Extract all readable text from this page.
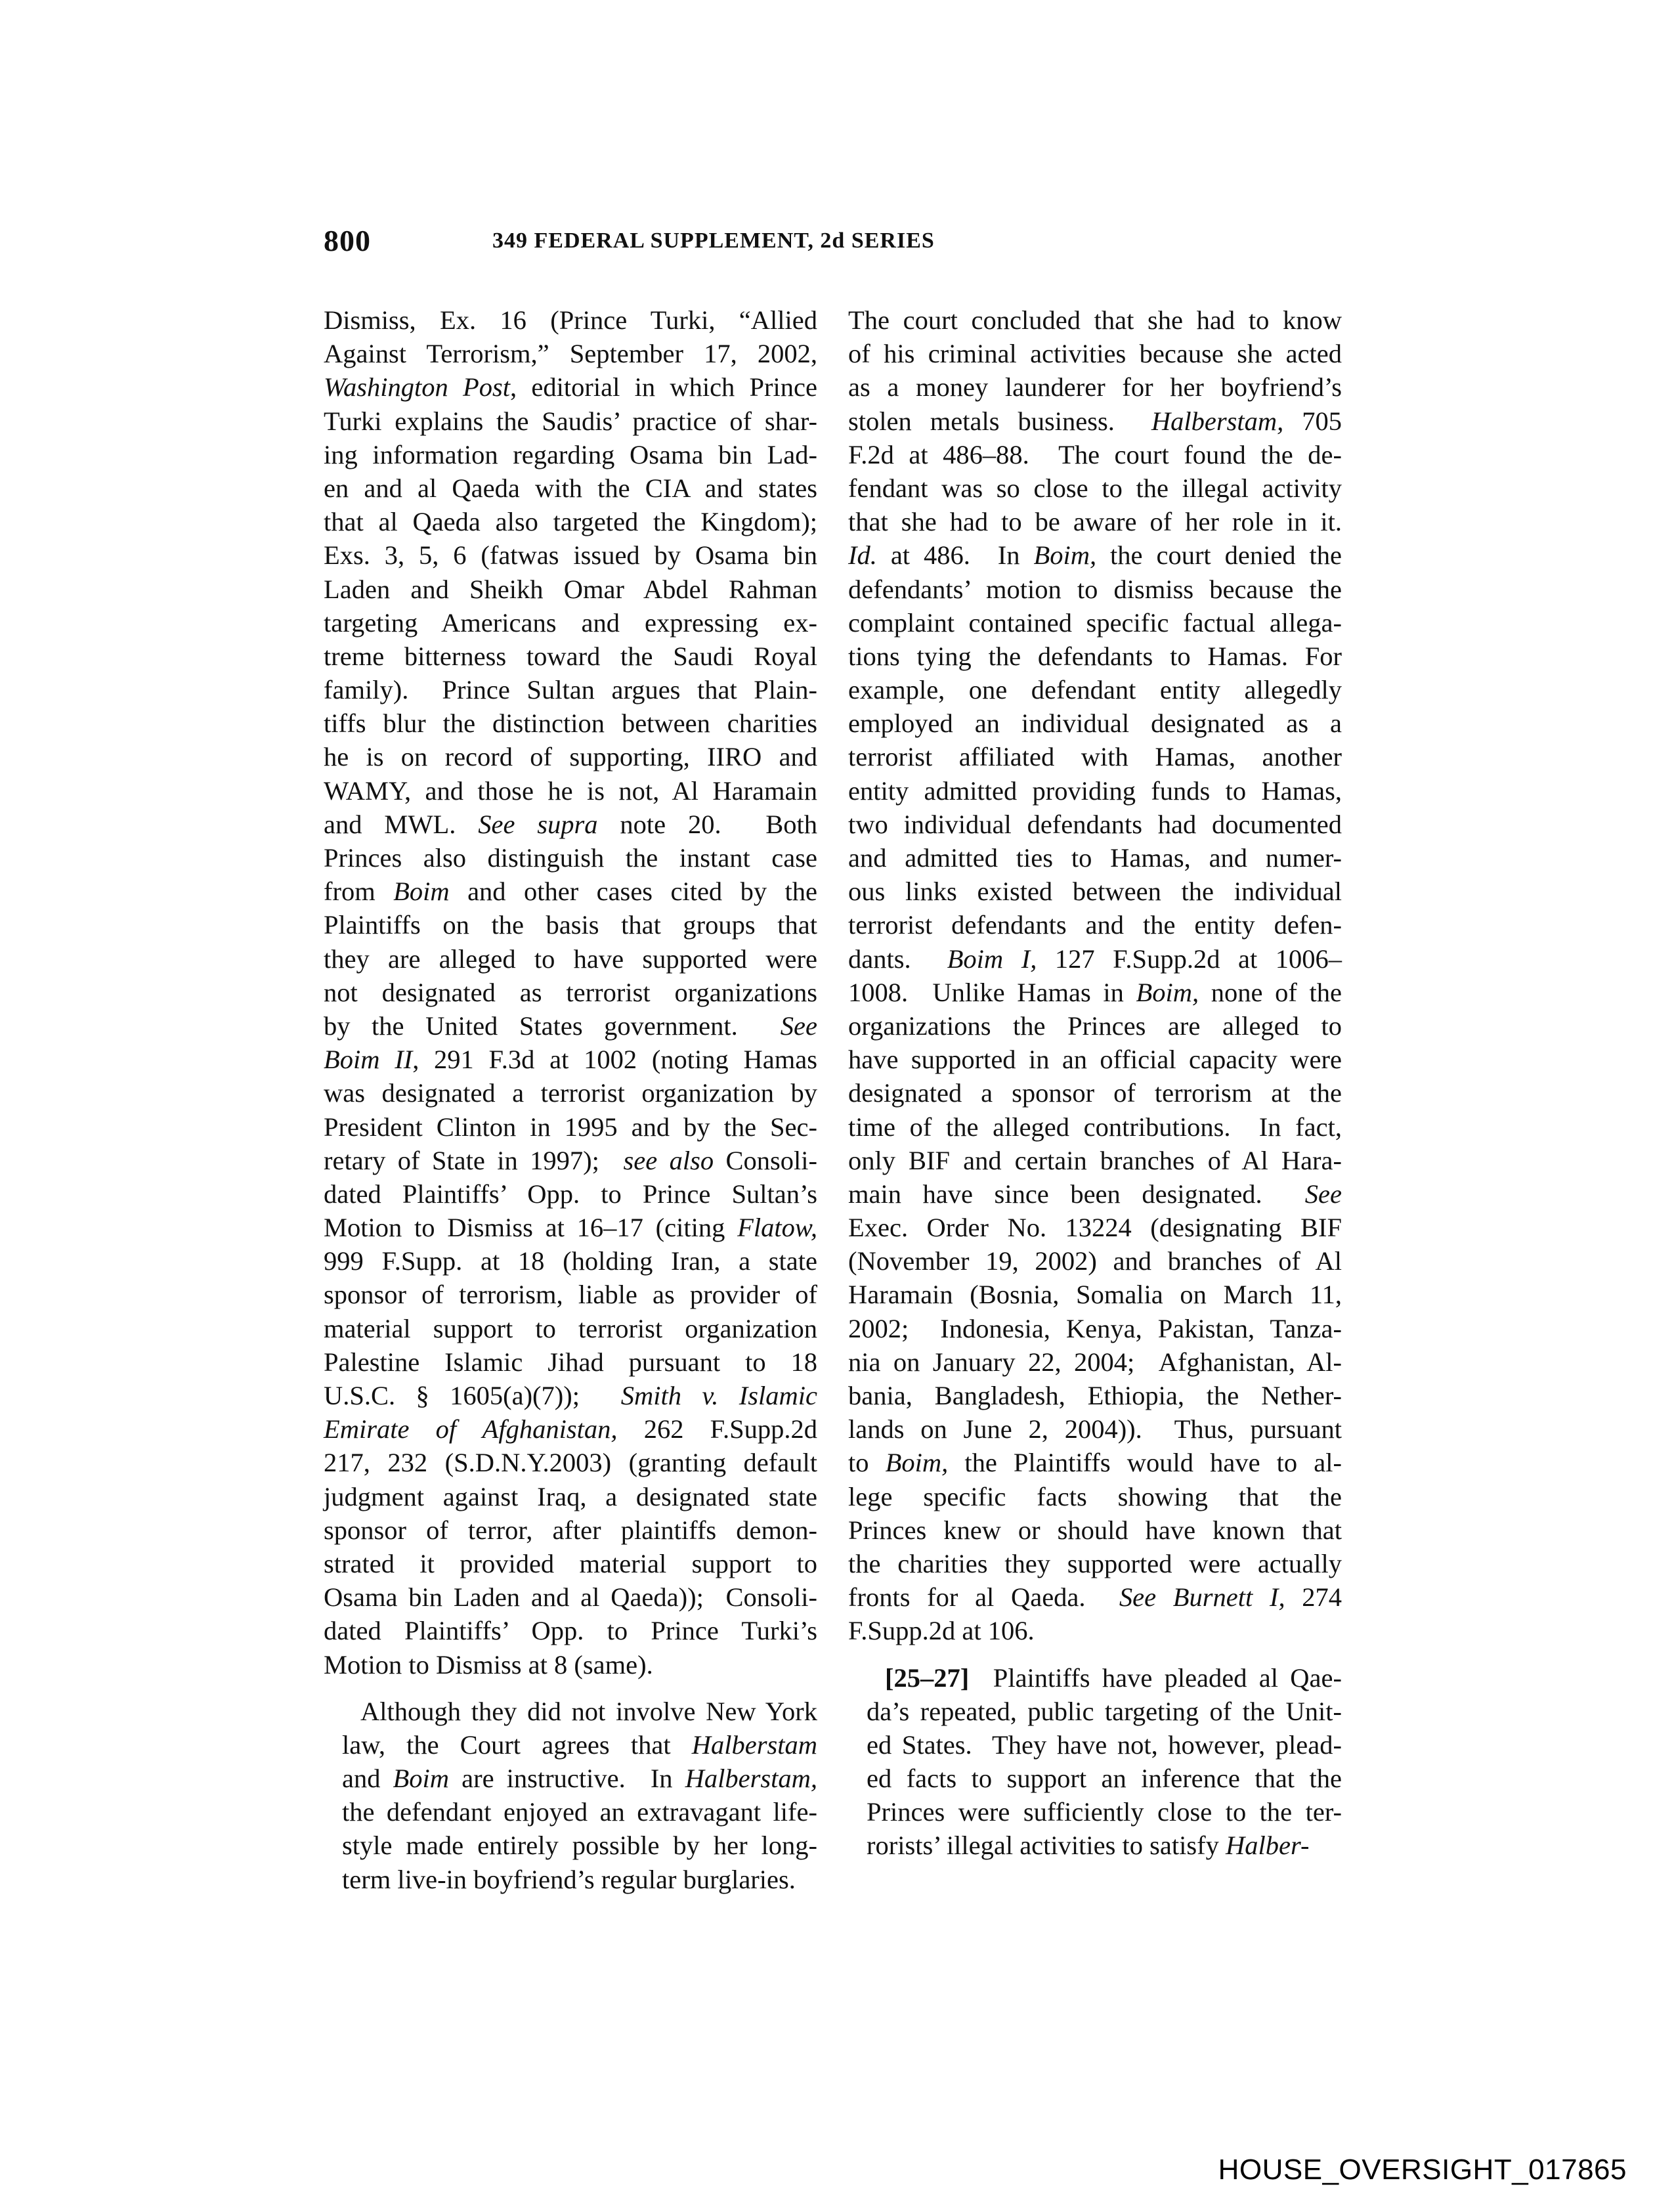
800	349 FEDERAL SUPPLEMENT, 2d SERIES
Dismiss, Ex. 16 (Prince Turki, “Allied
Against Terrorism,” September 17, 2002,
Washington Post, editorial in which Prince
Turki explains the Saudis’ practice of shar-
ing information regarding Osama bin Lad-
en and al Qaeda with the CIA and states
that al Qaeda also targeted the Kingdom);
Exs. 3, 5, 6 (fatwas issued by Osama bin
Laden and Sheikh Omar Abdel Rahman
targeting Americans and expressing ex-
treme bitterness toward the Saudi Royal
family).  Prince Sultan argues that Plain-
tiffs blur the distinction between charities
he is on record of supporting, IIRO and
WAMY, and those he is not, Al Haramain
and MWL. See supra note 20.  Both
Princes also distinguish the instant case
from Boim and other cases cited by the
Plaintiffs on the basis that groups that
they are alleged to have supported were
not designated as terrorist organizations
by the United States government.  See
Boim II, 291 F.3d at 1002 (noting Hamas
was designated a terrorist organization by
President Clinton in 1995 and by the Sec-
retary of State in 1997);  see also Consoli-
dated Plaintiffs’ Opp. to Prince Sultan’s
Motion to Dismiss at 16–17 (citing Flatow,
999 F.Supp. at 18 (holding Iran, a state
sponsor of terrorism, liable as provider of
material support to terrorist organization
Palestine Islamic Jihad pursuant to 18
U.S.C. § 1605(a)(7));  Smith v. Islamic
Emirate of Afghanistan, 262 F.Supp.2d
217, 232 (S.D.N.Y.2003) (granting default
judgment against Iraq, a designated state
sponsor of terror, after plaintiffs demon-
strated it provided material support to
Osama bin Laden and al Qaeda));  Consoli-
dated Plaintiffs’ Opp. to Prince Turki’s
Motion to Dismiss at 8 (same).
Although they did not involve New York
law, the Court agrees that Halberstam
and Boim are instructive.  In Halberstam,
the defendant enjoyed an extravagant life-
style made entirely possible by her long-
term live-in boyfriend’s regular burglaries.
The court concluded that she had to know
of his criminal activities because she acted
as a money launderer for her boyfriend’s
stolen metals business.  Halberstam, 705
F.2d at 486–88.  The court found the de-
fendant was so close to the illegal activity
that she had to be aware of her role in it.
Id. at 486.  In Boim, the court denied the
defendants’ motion to dismiss because the
complaint contained specific factual allega-
tions tying the defendants to Hamas. For
example, one defendant entity allegedly
employed an individual designated as a
terrorist affiliated with Hamas, another
entity admitted providing funds to Hamas,
two individual defendants had documented
and admitted ties to Hamas, and numer-
ous links existed between the individual
terrorist defendants and the entity defen-
dants.  Boim I, 127 F.Supp.2d at 1006–
1008.  Unlike Hamas in Boim, none of the
organizations the Princes are alleged to
have supported in an official capacity were
designated a sponsor of terrorism at the
time of the alleged contributions.  In fact,
only BIF and certain branches of Al Hara-
main have since been designated.  See
Exec. Order No. 13224 (designating BIF
(November 19, 2002) and branches of Al
Haramain (Bosnia, Somalia on March 11,
2002;  Indonesia, Kenya, Pakistan, Tanza-
nia on January 22, 2004;  Afghanistan, Al-
bania, Bangladesh, Ethiopia, the Nether-
lands on June 2, 2004)).  Thus, pursuant
to Boim, the Plaintiffs would have to al-
lege specific facts showing that the
Princes knew or should have known that
the charities they supported were actually
fronts for al Qaeda.  See Burnett I, 274
F.Supp.2d at 106.
[25–27]  Plaintiffs have pleaded al Qae-
da’s repeated, public targeting of the Unit-
ed States.  They have not, however, plead-
ed facts to support an inference that the
Princes were sufficiently close to the ter-
rorists’ illegal activities to satisfy Halber-
HOUSE_OVERSIGHT_017865
